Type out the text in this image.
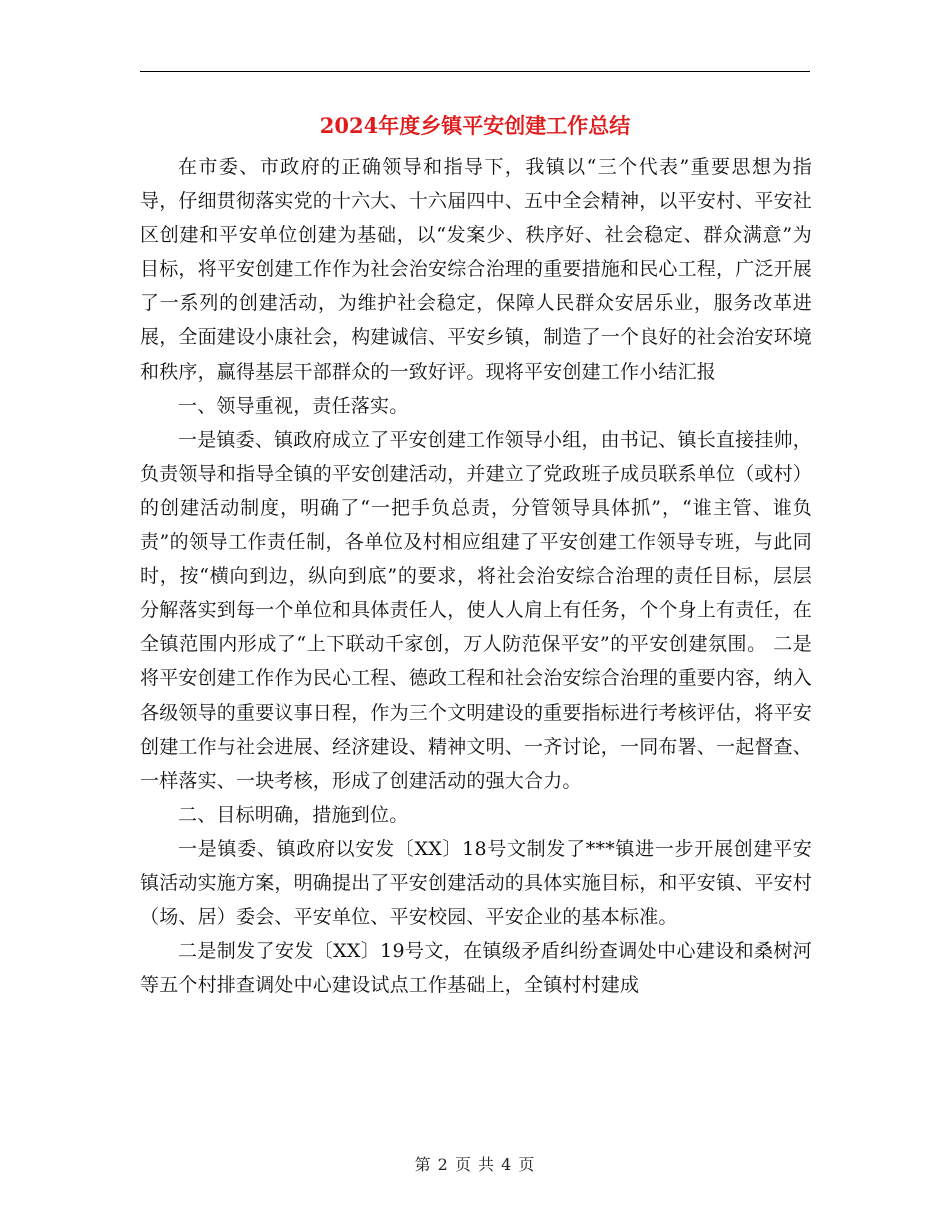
2024年度乡镇平安创建工作总结

在市委、市政府的正确领导和指导下，我镇以“三个代表”重要思想为指导，仔细贯彻落实党的十六大、十六届四中、五中全会精神，以平安村、平安社区创建和平安单位创建为基础，以“发案少、秩序好、社会稳定、群众满意”为目标，将平安创建工作作为社会治安综合治理的重要措施和民心工程，广泛开展了一系列的创建活动，为维护社会稳定，保障人民群众安居乐业，服务改革进展，全面建设小康社会，构建诚信、平安乡镇，制造了一个良好的社会治安环境和秩序，赢得基层干部群众的一致好评。现将平安创建工作小结汇报

一、领导重视，责任落实。

一是镇委、镇政府成立了平安创建工作领导小组，由书记、镇长直接挂帅，负责领导和指导全镇的平安创建活动，并建立了党政班子成员联系单位（或村）的创建活动制度，明确了“一把手负总责，分管领导具体抓”，“谁主管、谁负责”的领导工作责任制，各单位及村相应组建了平安创建工作领导专班，与此同时，按“横向到边，纵向到底”的要求，将社会治安综合治理的责任目标，层层分解落实到每一个单位和具体责任人，使人人肩上有任务，个个身上有责任，在全镇范围内形成了“上下联动千家创，万人防范保平安”的平安创建氛围。 二是将平安创建工作作为民心工程、德政工程和社会治安综合治理的重要内容，纳入各级领导的重要议事日程，作为三个文明建设的重要指标进行考核评估，将平安创建工作与社会进展、经济建设、精神文明、一齐讨论，一同布署、一起督查、一样落实、一块考核，形成了创建活动的强大合力。

二、目标明确，措施到位。

一是镇委、镇政府以安发〔XX〕18号文制发了***镇进一步开展创建平安镇活动实施方案，明确提出了平安创建活动的具体实施目标，和平安镇、平安村（场、居）委会、平安单位、平安校园、平安企业的基本标准。

二是制发了安发〔XX〕19号文，在镇级矛盾纠纷查调处中心建设和桑树河等五个村排查调处中心建设试点工作基础上，全镇村村建成

第 2 页 共 4 页
